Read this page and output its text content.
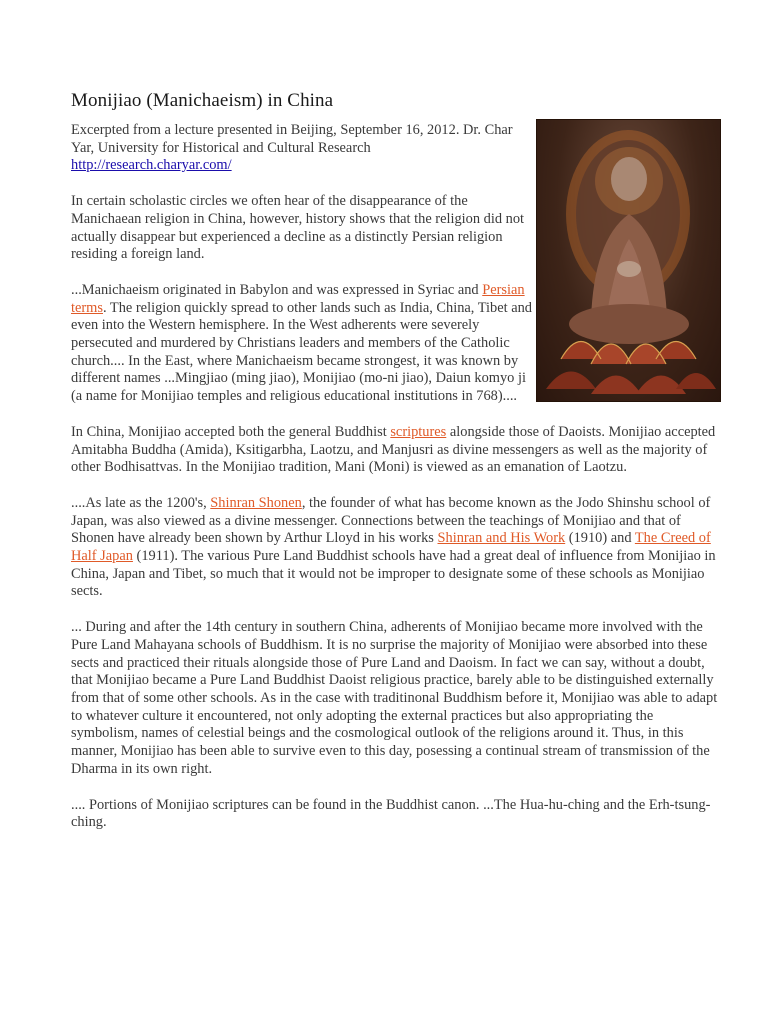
Monijiao (Manichaeism) in China

Excerpted from a lecture presented in Beijing, September 16, 2012. Dr. Char Yar, University for Historical and Cultural Research http://research.charyar.com/

In certain scholastic circles we often hear of the disappearance of the Manichaean religion in China, however, history shows that the religion did not actually disappear but experienced a decline as a distinctly Persian religion residing a foreign land.

...Manichaeism originated in Babylon and was expressed in Syriac and Persian terms. The religion quickly spread to other lands such as India, China, Tibet and even into the Western hemisphere. In the West adherents were severely persecuted and murdered by Christians leaders and members of the Catholic church.... In the East, where Manichaeism became strongest, it was known by different names ...Mingjiao (ming jiao), Monijiao (mo-ni jiao), Daiun komyo ji (a name for Monijiao temples and religious educational institutions in 768)....

In China, Monijiao accepted both the general Buddhist scriptures alongside those of Daoists. Monijiao accepted Amitabha Buddha (Amida), Ksitigarbha, Laotzu, and Manjusri as divine messengers as well as the majority of other Bodhisattvas. In the Monijiao tradition, Mani (Moni) is viewed as an emanation of Laotzu.

....As late as the 1200's, Shinran Shonen, the founder of what has become known as the Jodo Shinshu school of Japan, was also viewed as a divine messenger. Connections between the teachings of Monijiao and that of Shonen have already been shown by Arthur Lloyd in his works Shinran and His Work (1910) and The Creed of Half Japan (1911). The various Pure Land Buddhist schools have had a great deal of influence from Monijiao in China, Japan and Tibet, so much that it would not be improper to designate some of these schools as Monijiao sects.

... During and after the 14th century in southern China, adherents of Monijiao became more involved with the Pure Land Mahayana schools of Buddhism. It is no surprise the majority of Monijiao were absorbed into these sects and practiced their rituals alongside those of Pure Land and Daoism. In fact we can say, without a doubt, that Monijiao became a Pure Land Buddhist Daoist religious practice, barely able to be distinguished externally from that of some other schools. As in the case with traditinonal Buddhism before it, Monijiao was able to adapt to whatever culture it encountered, not only adopting the external practices but also appropriating the symbolism, names of celestial beings and the cosmological outlook of the religions around it. Thus, in this manner, Monijiao has been able to survive even to this day, posessing a continual stream of transmission of the Dharma in its own right.

.... Portions of Monijiao scriptures can be found in the Buddhist canon. ...The Hua-hu-ching and the Erh-tsung-ching.
